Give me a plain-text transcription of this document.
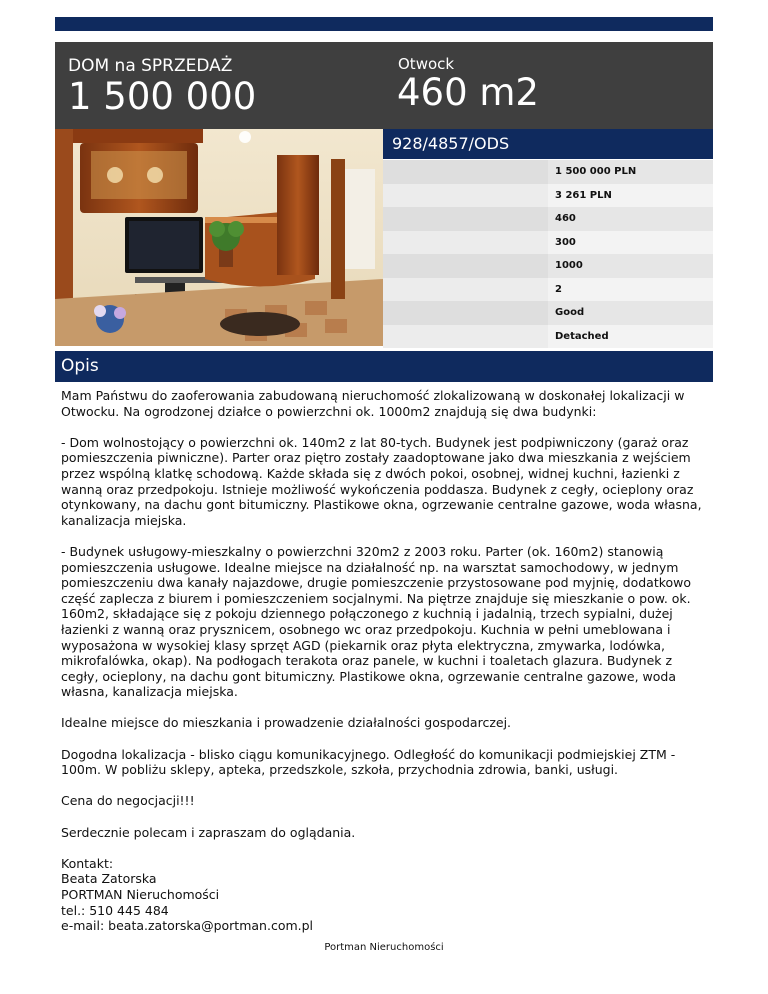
DOM na SPRZEDAŻ
1 500 000
Otwock
460 m2
928/4857/ODS
1 500 000 PLN
3 261 PLN
460
300
1000
2
Good
Detached
Opis

Mam Państwu do zaoferowania zabudowaną nieruchomość zlokalizowaną w doskonałej lokalizacji w Otwocku. Na ogrodzonej działce o powierzchni ok. 1000m2 znajdują się dwa budynki:

- Dom wolnostojący o powierzchni ok. 140m2 z lat 80-tych. Budynek jest podpiwniczony (garaż oraz pomieszczenia piwniczne). Parter oraz piętro zostały zaadoptowane jako dwa mieszkania z wejściem przez wspólną klatkę schodową. Każde składa się z dwóch pokoi, osobnej, widnej kuchni, łazienki z wanną oraz przedpokoju. Istnieje możliwość wykończenia poddasza. Budynek z cegły, ocieplony oraz otynkowany, na dachu gont bitumiczny. Plastikowe okna, ogrzewanie centralne gazowe, woda własna, kanalizacja miejska.

- Budynek usługowy-mieszkalny o powierzchni 320m2 z 2003 roku. Parter (ok. 160m2) stanowią pomieszczenia usługowe. Idealne miejsce na działalność np. na warsztat samochodowy, w jednym pomieszczeniu dwa kanały najazdowe, drugie pomieszczenie przystosowane pod myjnię, dodatkowo część zaplecza z biurem i pomieszczeniem socjalnymi. Na piętrze znajduje się mieszkanie o pow. ok. 160m2, składające się z pokoju dziennego połączonego z kuchnią i jadalnią, trzech sypialni, dużej łazienki z wanną oraz prysznicem, osobnego wc oraz przedpokoju. Kuchnia w pełni umeblowana i wyposażona w wysokiej klasy sprzęt AGD (piekarnik oraz płyta elektryczna, zmywarka, lodówka, mikrofalówka, okap). Na podłogach terakota oraz panele, w kuchni i toaletach glazura. Budynek z cegły, ocieplony, na dachu gont bitumiczny. Plastikowe okna, ogrzewanie centralne gazowe, woda własna, kanalizacja miejska.

Idealne miejsce do mieszkania i prowadzenie działalności gospodarczej.

Dogodna lokalizacja - blisko ciągu komunikacyjnego. Odległość do komunikacji podmiejskiej ZTM - 100m. W pobliżu sklepy, apteka, przedszkole, szkoła, przychodnia zdrowia, banki, usługi.

Cena do negocjacji!!!

Serdecznie polecam i zapraszam do oglądania.

Kontakt:
Beata Zatorska
PORTMAN Nieruchomości
tel.: 510 445 484
e-mail: beata.zatorska@portman.com.pl
Portman Nieruchomości
